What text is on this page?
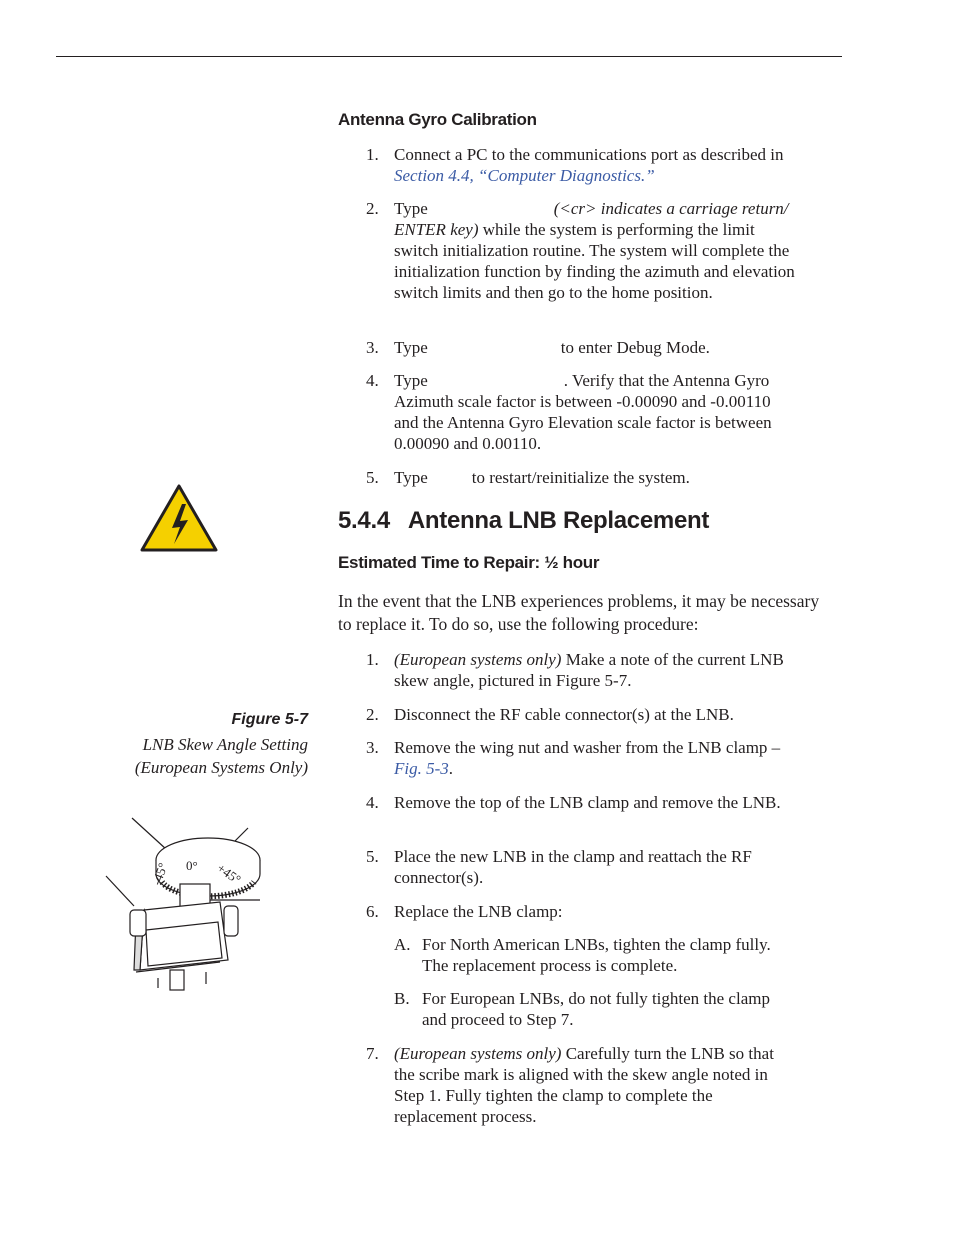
Antenna Gyro Calibration
1. Connect a PC to the communications port as described in Section 4.4, “Computer Diagnostics.”
2. Type	(<cr> indicates a carriage return/ ENTER key) while the system is performing the limit switch initialization routine. The system will complete the initialization function by finding the azimuth and elevation switch limits and then go to the home position.
3. Type	to enter Debug Mode.
4. Type	. Verify that the Antenna Gyro Azimuth scale factor is between -0.00090 and -0.00110 and the Antenna Gyro Elevation scale factor is between 0.00090 and 0.00110.
5. Type	to restart/reinitialize the system.
5.4.4 Antenna LNB Replacement
Estimated Time to Repair: ½ hour
In the event that the LNB experiences problems, it may be necessary to replace it. To do so, use the following procedure:
1. (European systems only) Make a note of the current LNB skew angle, pictured in Figure 5-7.
2. Disconnect the RF cable connector(s) at the LNB.
3. Remove the wing nut and washer from the LNB clamp – Fig. 5-3.
4. Remove the top of the LNB clamp and remove the LNB.
5. Place the new LNB in the clamp and reattach the RF connector(s).
6. Replace the LNB clamp:
A. For North American LNBs, tighten the clamp fully. The replacement process is complete.
B. For European LNBs, do not fully tighten the clamp and proceed to Step 7.
7. (European systems only) Carefully turn the LNB so that the scribe mark is aligned with the skew angle noted in Step 1. Fully tighten the clamp to complete the replacement process.
Figure 5-7
LNB Skew Angle Setting
(European Systems Only)
-45° 0° +45°
